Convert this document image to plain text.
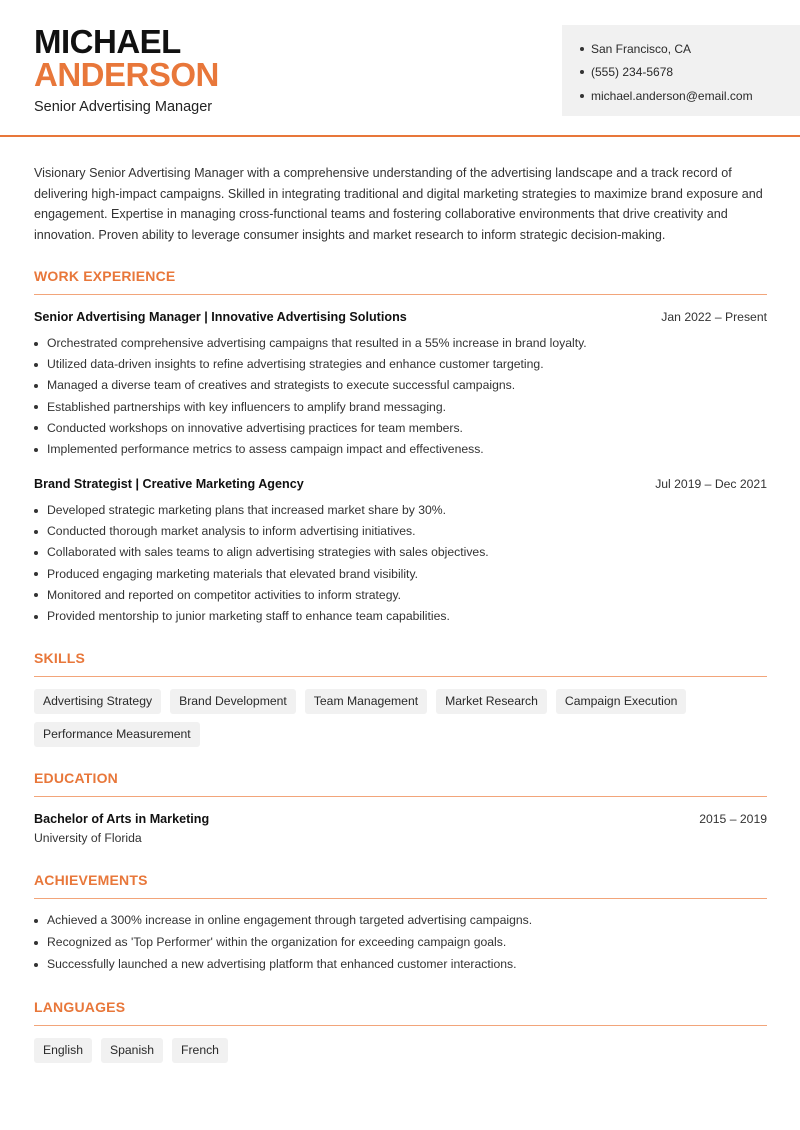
MICHAEL
ANDERSON
Senior Advertising Manager
San Francisco, CA
(555) 234-5678
michael.anderson@email.com

Visionary Senior Advertising Manager with a comprehensive understanding of the advertising landscape and a track record of delivering high-impact campaigns. Skilled in integrating traditional and digital marketing strategies to maximize brand exposure and engagement. Expertise in managing cross-functional teams and fostering collaborative environments that drive creativity and innovation. Proven ability to leverage consumer insights and market research to inform strategic decision-making.

WORK EXPERIENCE
Senior Advertising Manager | Innovative Advertising Solutions	Jan 2022 – Present
Orchestrated comprehensive advertising campaigns that resulted in a 55% increase in brand loyalty.
Utilized data-driven insights to refine advertising strategies and enhance customer targeting.
Managed a diverse team of creatives and strategists to execute successful campaigns.
Established partnerships with key influencers to amplify brand messaging.
Conducted workshops on innovative advertising practices for team members.
Implemented performance metrics to assess campaign impact and effectiveness.
Brand Strategist | Creative Marketing Agency	Jul 2019 – Dec 2021
Developed strategic marketing plans that increased market share by 30%.
Conducted thorough market analysis to inform advertising initiatives.
Collaborated with sales teams to align advertising strategies with sales objectives.
Produced engaging marketing materials that elevated brand visibility.
Monitored and reported on competitor activities to inform strategy.
Provided mentorship to junior marketing staff to enhance team capabilities.
SKILLS
Advertising Strategy	Brand Development	Team Management	Market Research	Campaign Execution
Performance Measurement
EDUCATION
Bachelor of Arts in Marketing	2015 – 2019
University of Florida
ACHIEVEMENTS
Achieved a 300% increase in online engagement through targeted advertising campaigns.
Recognized as 'Top Performer' within the organization for exceeding campaign goals.
Successfully launched a new advertising platform that enhanced customer interactions.
LANGUAGES
English	Spanish	French
